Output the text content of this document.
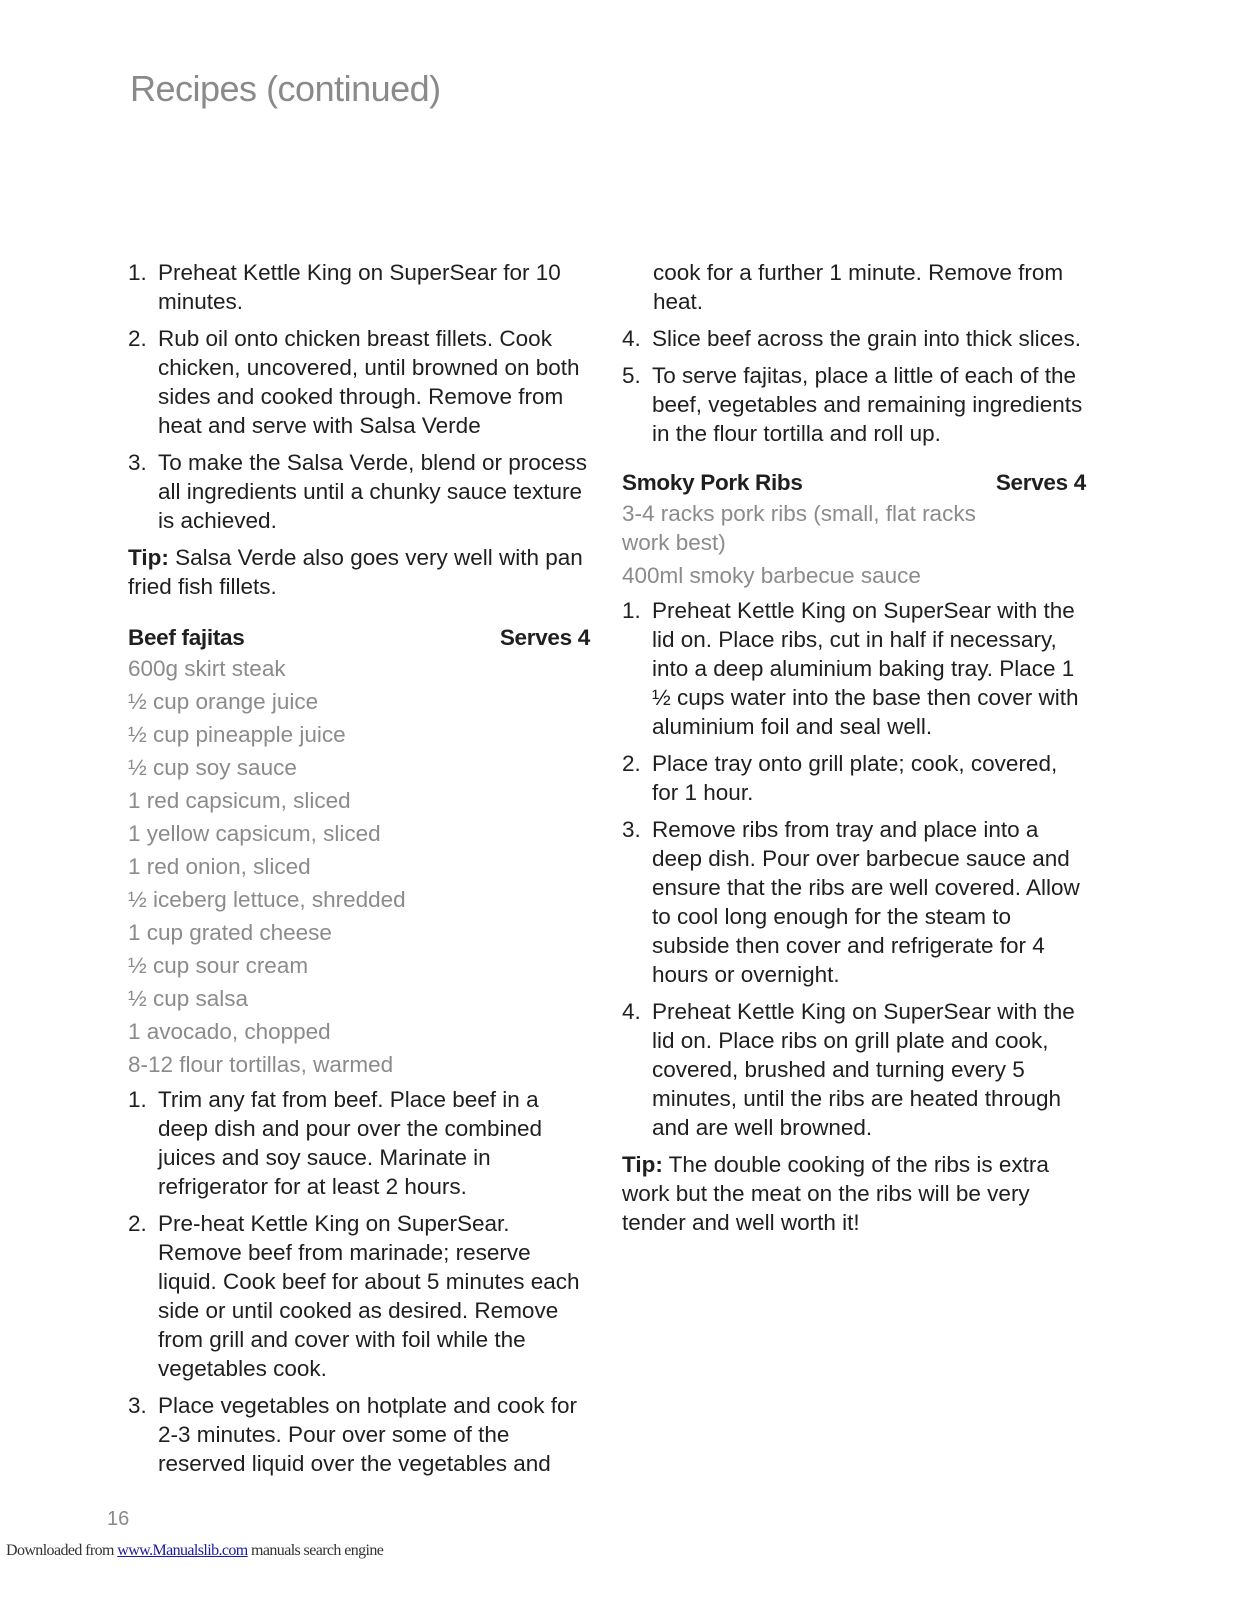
Recipes (continued)
1. Preheat Kettle King on SuperSear for 10 minutes.
2. Rub oil onto chicken breast fillets. Cook chicken, uncovered, until browned on both sides and cooked through. Remove from heat and serve with Salsa Verde
3. To make the Salsa Verde, blend or process all ingredients until a chunky sauce texture is achieved.

Tip: Salsa Verde also goes very well with pan fried fish fillets.

Beef fajitas	Serves 4
600g skirt steak
½ cup orange juice
½ cup pineapple juice
½ cup soy sauce
1 red capsicum, sliced
1 yellow capsicum, sliced
1 red onion, sliced
½ iceberg lettuce, shredded
1 cup grated cheese
½ cup sour cream
½ cup salsa
1 avocado, chopped
8-12 flour tortillas, warmed
1. Trim any fat from beef. Place beef in a deep dish and pour over the combined juices and soy sauce. Marinate in refrigerator for at least 2 hours.
2. Pre-heat Kettle King on SuperSear. Remove beef from marinade; reserve liquid. Cook beef for about 5 minutes each side or until cooked as desired. Remove from grill and cover with foil while the vegetables cook.
3. Place vegetables on hotplate and cook for 2-3 minutes. Pour over some of the reserved liquid over the vegetables and
cook for a further 1 minute. Remove from heat.
4. Slice beef across the grain into thick slices.
5. To serve fajitas, place a little of each of the beef, vegetables and remaining ingredients in the flour tortilla and roll up.
Smoky Pork Ribs	Serves 4
3-4 racks pork ribs (small, flat racks work best)
400ml smoky barbecue sauce
1. Preheat Kettle King on SuperSear with the lid on. Place ribs, cut in half if necessary, into a deep aluminium baking tray. Place 1 ½ cups water into the base then cover with aluminium foil and seal well.
2. Place tray onto grill plate; cook, covered, for 1 hour.
3. Remove ribs from tray and place into a deep dish. Pour over barbecue sauce and ensure that the ribs are well covered. Allow to cool long enough for the steam to subside then cover and refrigerate for 4 hours or overnight.
4. Preheat Kettle King on SuperSear with the lid on. Place ribs on grill plate and cook, covered, brushed and turning every 5 minutes, until the ribs are heated through and are well browned.

Tip: The double cooking of the ribs is extra work but the meat on the ribs will be very tender and well worth it!

16
Downloaded from www.Manualslib.com manuals search engine
